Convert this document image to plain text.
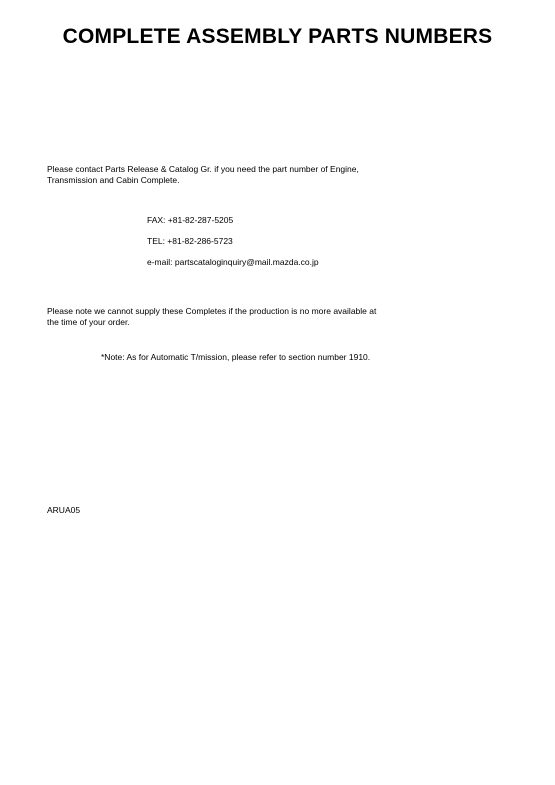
COMPLETE ASSEMBLY PARTS NUMBERS

Please contact Parts Release & Catalog Gr. if you need the part number of Engine,
Transmission and Cabin Complete.

FAX: +81-82-287-5205

TEL: +81-82-286-5723

e-mail: partscataloginquiry@mail.mazda.co.jp

Please note we cannot supply these Completes if the production is no more available at
the time of your order.

*Note: As for Automatic T/mission, please refer to section number 1910.

ARUA05
